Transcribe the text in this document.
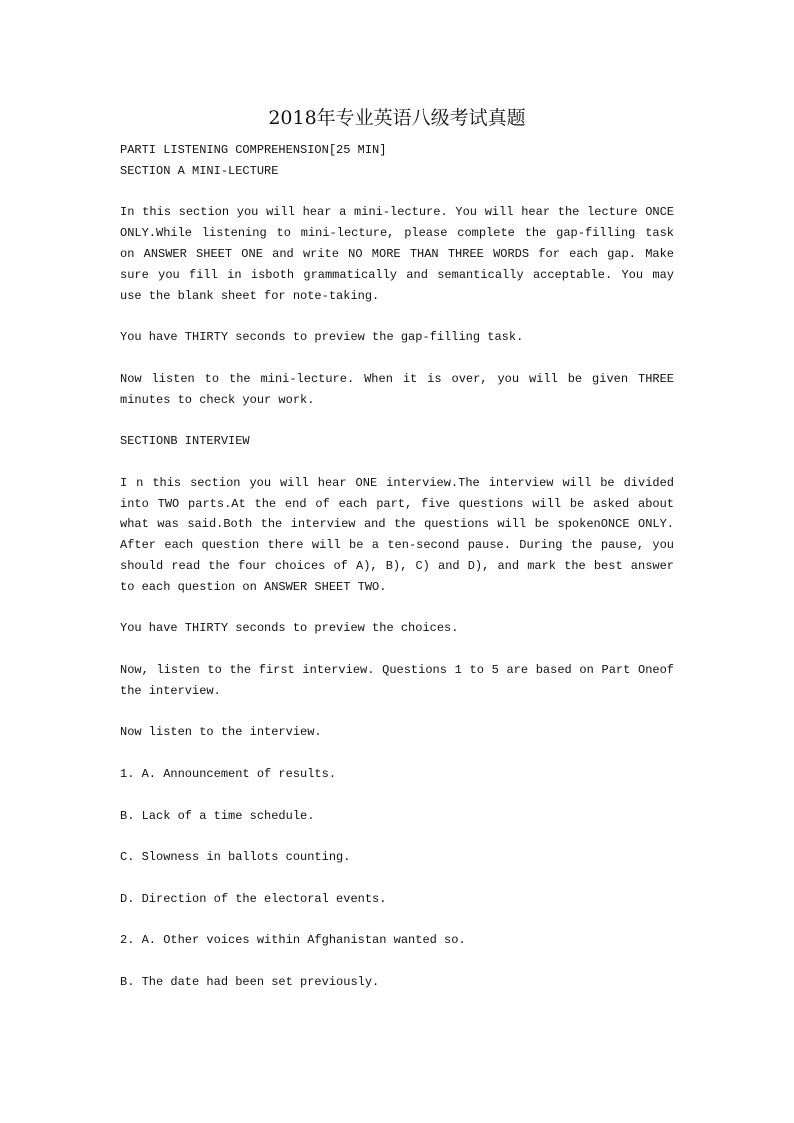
2018年专业英语八级考试真题

PARTI LISTENING COMPREHENSION[25 MIN]

SECTION A MINI-LECTURE

In this section you will hear a mini-lecture. You will hear the lecture ONCE ONLY.While listening to mini-lecture, please complete the gap-filling task on ANSWER SHEET ONE and write NO MORE THAN THREE WORDS for each gap. Make sure you fill in isboth grammatically and semantically acceptable. You may use the blank sheet for note-taking.

You have THIRTY seconds to preview the gap-filling task.

Now listen to the mini-lecture. When it is over, you will be given THREE minutes to check your work.

SECTIONB INTERVIEW

I n this section you will hear ONE interview.The interview will be divided into TWO parts.At the end of each part, five questions will be asked about what was said.Both the interview and the questions will be spokenONCE ONLY. After each question there will be a ten-second pause. During the pause, you should read the four choices of A), B), C) and D), and mark the best answer to each question on ANSWER SHEET TWO.

You have THIRTY seconds to preview the choices.

Now, listen to the first interview. Questions 1 to 5 are based on Part Oneof the interview.

Now listen to the interview.

1. A. Announcement of results.

B. Lack of a time schedule.

C. Slowness in ballots counting.

D. Direction of the electoral events.

2. A. Other voices within Afghanistan wanted so.

B. The date had been set previously.
